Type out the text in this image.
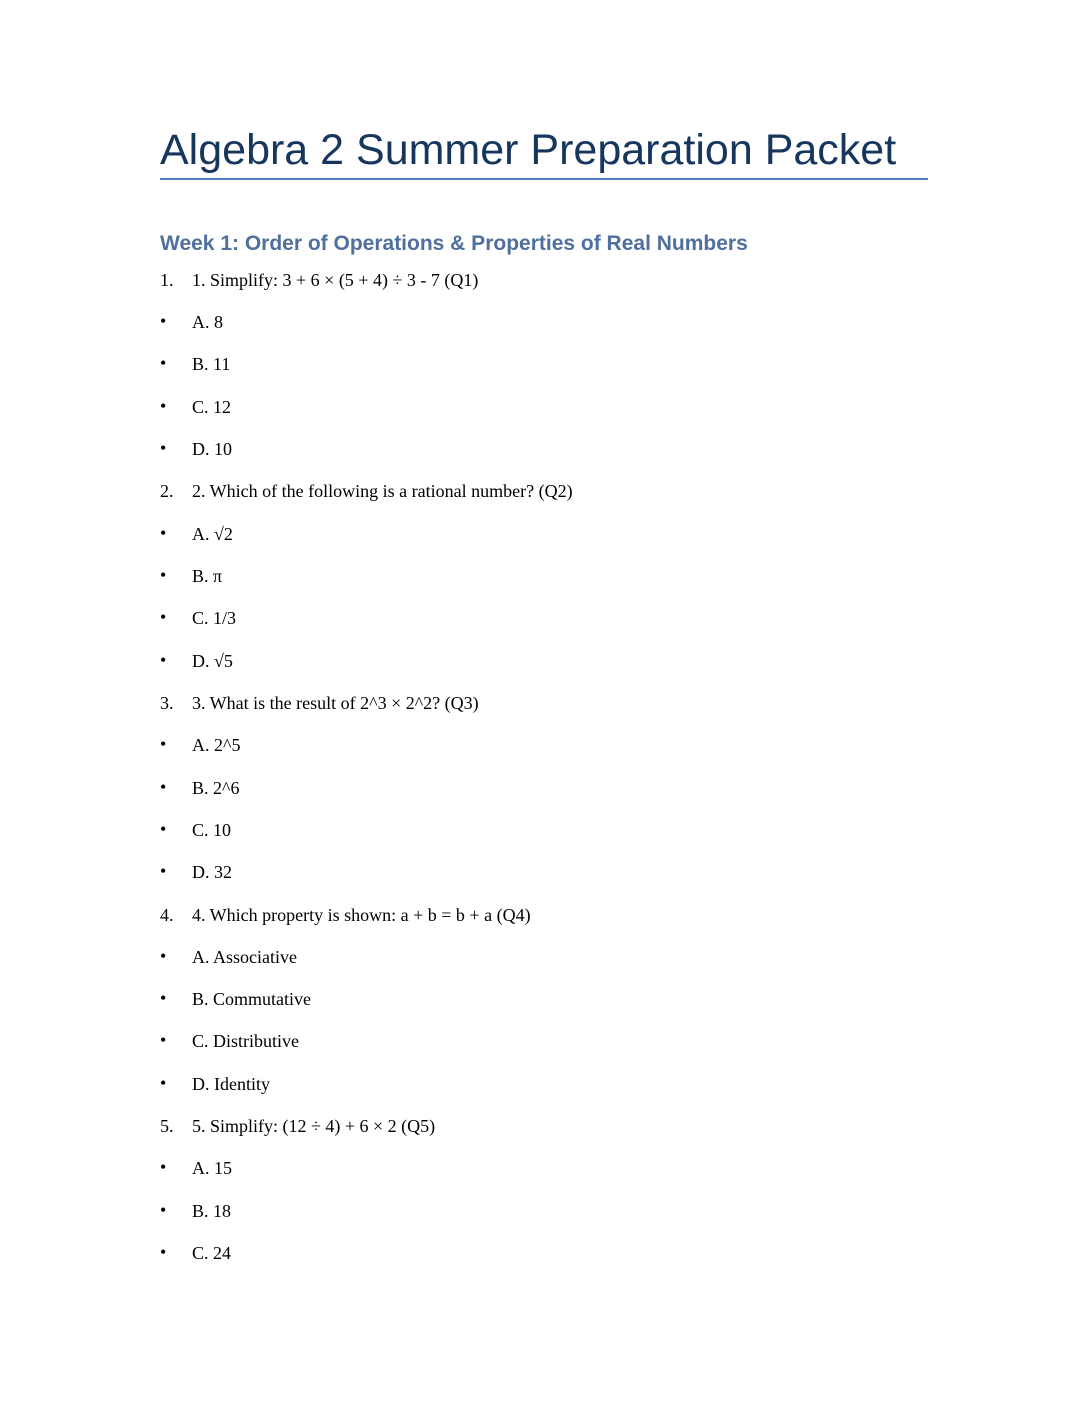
Algebra 2 Summer Preparation Packet
Week 1: Order of Operations & Properties of Real Numbers
1.	1. Simplify: 3 + 6 × (5 + 4) ÷ 3 - 7 (Q1)
• A. 8
• B. 11
• C. 12
• D. 10
2.	2. Which of the following is a rational number? (Q2)
• A. √2
• B. π
• C. 1/3
• D. √5
3.	3. What is the result of 2^3 × 2^2? (Q3)
• A. 2^5
• B. 2^6
• C. 10
• D. 32
4.	4. Which property is shown: a + b = b + a (Q4)
• A. Associative
• B. Commutative
• C. Distributive
• D. Identity
5.	5. Simplify: (12 ÷ 4) + 6 × 2 (Q5)
• A. 15
• B. 18
• C. 24
